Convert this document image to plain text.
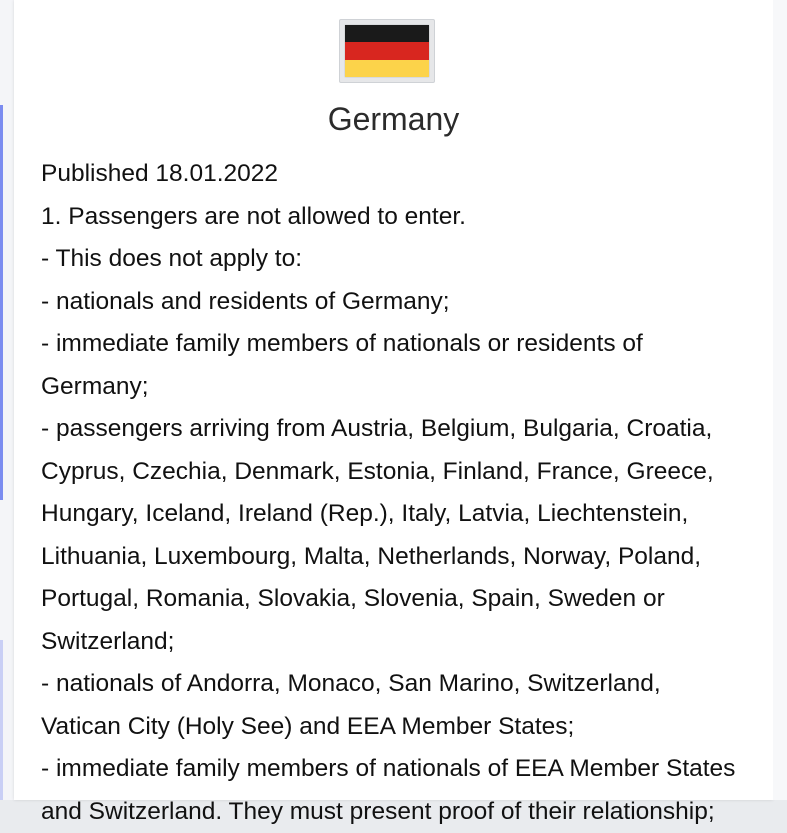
Germany
Published 18.01.2022
1. Passengers are not allowed to enter.
- This does not apply to:
- nationals and residents of Germany;
- immediate family members of nationals or residents of Germany;
- passengers arriving from Austria, Belgium, Bulgaria, Croatia, Cyprus, Czechia, Denmark, Estonia, Finland, France, Greece, Hungary, Iceland, Ireland (Rep.), Italy, Latvia, Liechtenstein, Lithuania, Luxembourg, Malta, Netherlands, Norway, Poland, Portugal, Romania, Slovakia, Slovenia, Spain, Sweden or Switzerland;
- nationals of Andorra, Monaco, San Marino, Switzerland, Vatican City (Holy See) and EEA Member States;
- immediate family members of nationals of EEA Member States and Switzerland. They must present proof of their relationship;
